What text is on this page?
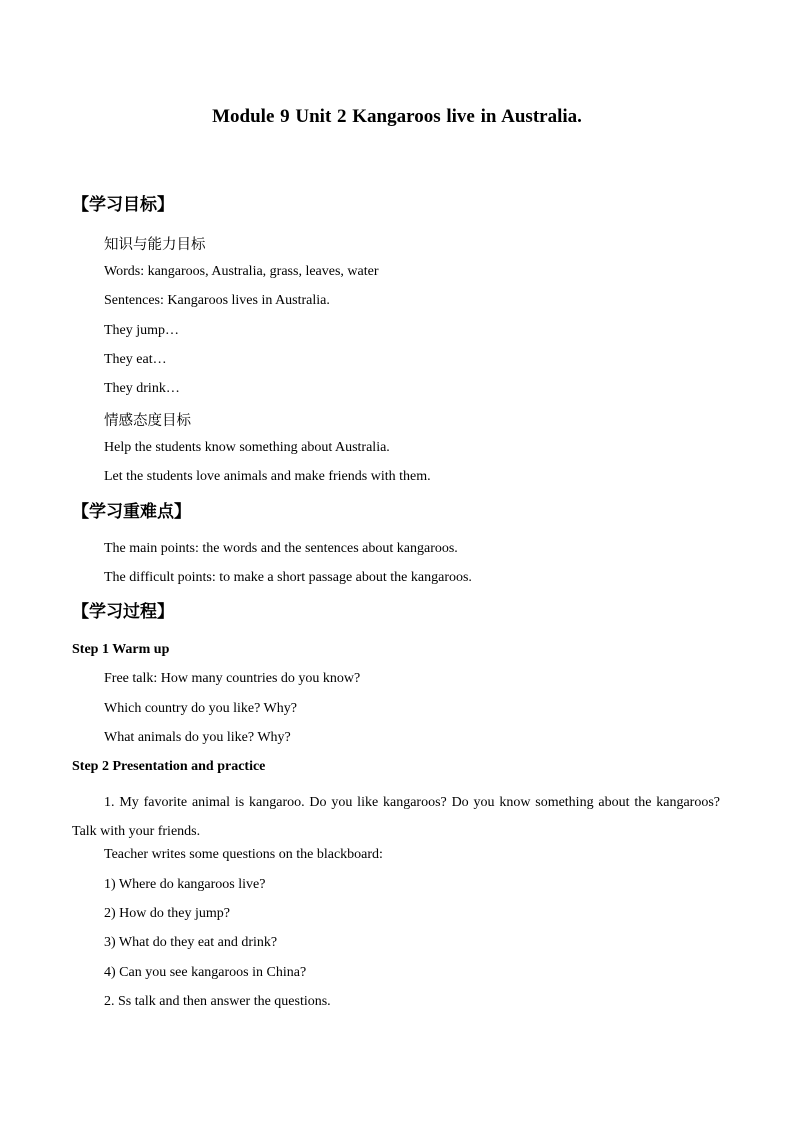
Module 9 Unit 2 Kangaroos live in Australia.
【学习目标】
知识与能力目标
Words: kangaroos, Australia, grass, leaves, water
Sentences: Kangaroos lives in Australia.
They jump…
They eat…
They drink…
情感态度目标
Help the students know something about Australia.
Let the students love animals and make friends with them.
【学习重难点】
The main points: the words and the sentences about kangaroos.
The difficult points: to make a short passage about the kangaroos.
【学习过程】
Step 1 Warm up
Free talk: How many countries do you know?
Which country do you like? Why?
What animals do you like? Why?
Step 2 Presentation and practice
1. My favorite animal is kangaroo. Do you like kangaroos? Do you know something about the kangaroos? Talk with your friends.
Teacher writes some questions on the blackboard:
1) Where do kangaroos live?
2) How do they jump?
3) What do they eat and drink?
4) Can you see kangaroos in China?
2. Ss talk and then answer the questions.
